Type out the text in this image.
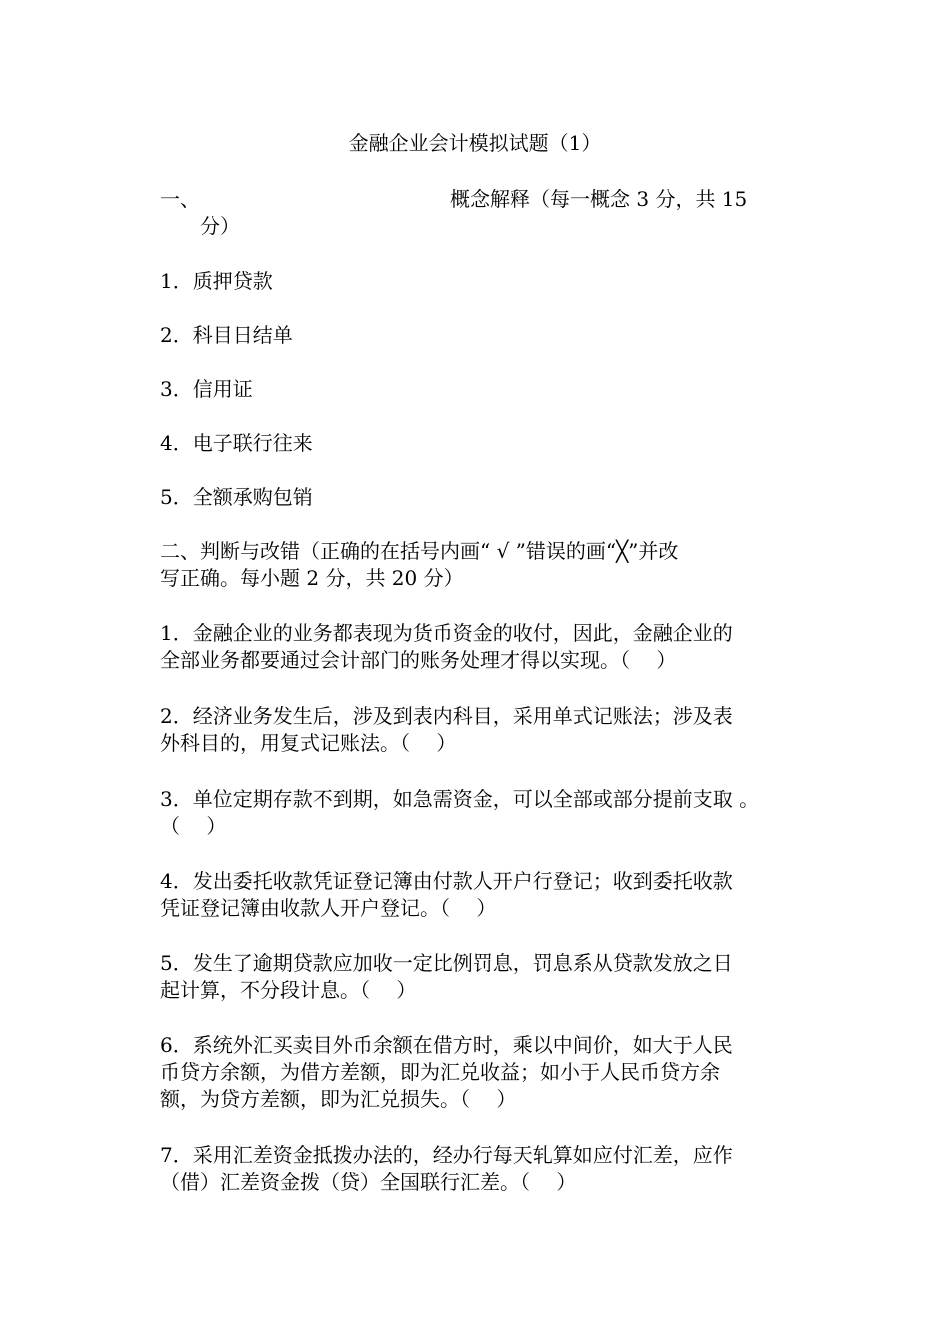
金融企业会计模拟试题（1）
一、	概念解释（每一概念 3 分，共 15
分）
1．质押贷款
2．科目日结单
3．信用证
4．电子联行往来
5．全额承购包销
二、判断与改错（正确的在括号内画“ √ ”错误的画“╳”并改
写正确。每小题 2 分，共 20 分）
1．金融企业的业务都表现为货币资金的收付，因此，金融企业的
全部业务都要通过会计部门的账务处理才得以实现。（　 ）
2．经济业务发生后，涉及到表内科目，采用单式记账法；涉及表
外科目的，用复式记账法。（　 ）
3．单位定期存款不到期，如急需资金，可以全部或部分提前支取 。
（　 ）
4．发出委托收款凭证登记簿由付款人开户行登记；收到委托收款
凭证登记簿由收款人开户登记。（　 ）
5．发生了逾期贷款应加收一定比例罚息，罚息系从贷款发放之日
起计算，不分段计息。（　 ）
6．系统外汇买卖目外币余额在借方时，乘以中间价，如大于人民
币贷方余额，为借方差额，即为汇兑收益；如小于人民币贷方余
额，为贷方差额，即为汇兑损失。（　 ）
7．采用汇差资金抵拨办法的，经办行每天轧算如应付汇差，应作
（借）汇差资金拨（贷）全国联行汇差。（　 ）
